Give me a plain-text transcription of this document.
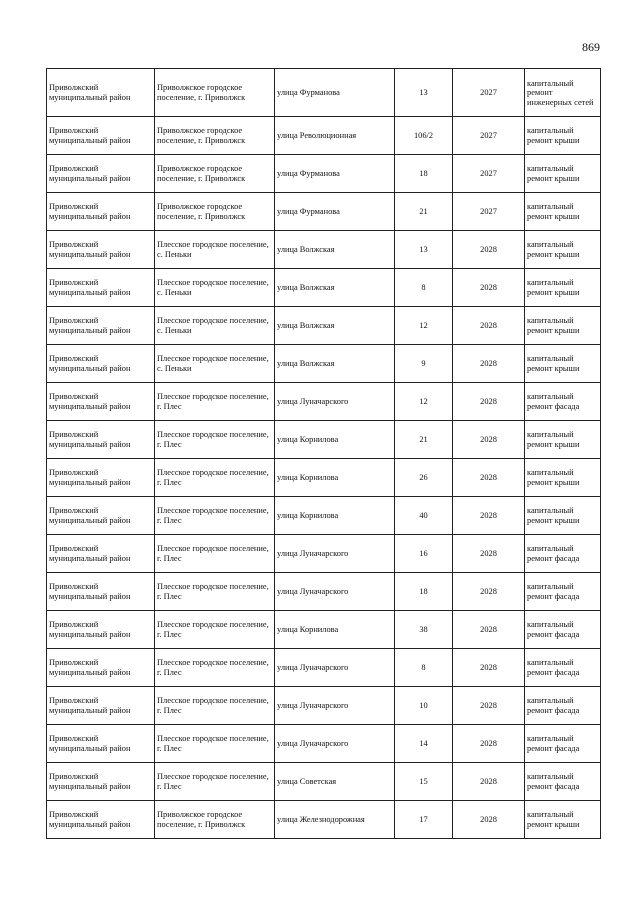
869
Приволжский муниципальный район	Приволжское городское поселение, г. Приволжск	улица Фурманова	13	2027	капитальный ремонт инженерных сетей
Приволжский муниципальный район	Приволжское городское поселение, г. Приволжск	улица Революционная	106/2	2027	капитальный ремонт крыши
Приволжский муниципальный район	Приволжское городское поселение, г. Приволжск	улица Фурманова	18	2027	капитальный ремонт крыши
Приволжский муниципальный район	Приволжское городское поселение, г. Приволжск	улица Фурманова	21	2027	капитальный ремонт крыши
Приволжский муниципальный район	Плесское городское поселение, с. Пеньки	улица Волжская	13	2028	капитальный ремонт крыши
Приволжский муниципальный район	Плесское городское поселение, с. Пеньки	улица Волжская	8	2028	капитальный ремонт крыши
Приволжский муниципальный район	Плесское городское поселение, с. Пеньки	улица Волжская	12	2028	капитальный ремонт крыши
Приволжский муниципальный район	Плесское городское поселение, с. Пеньки	улица Волжская	9	2028	капитальный ремонт крыши
Приволжский муниципальный район	Плесское городское поселение, г. Плес	улица Луначарского	12	2028	капитальный ремонт фасада
Приволжский муниципальный район	Плесское городское поселение, г. Плес	улица Корнилова	21	2028	капитальный ремонт крыши
Приволжский муниципальный район	Плесское городское поселение, г. Плес	улица Корнилова	26	2028	капитальный ремонт крыши
Приволжский муниципальный район	Плесское городское поселение, г. Плес	улица Корнилова	40	2028	капитальный ремонт крыши
Приволжский муниципальный район	Плесское городское поселение, г. Плес	улица Луначарского	16	2028	капитальный ремонт фасада
Приволжский муниципальный район	Плесское городское поселение, г. Плес	улица Луначарского	18	2028	капитальный ремонт фасада
Приволжский муниципальный район	Плесское городское поселение, г. Плес	улица Корнилова	38	2028	капитальный ремонт фасада
Приволжский муниципальный район	Плесское городское поселение, г. Плес	улица Луначарского	8	2028	капитальный ремонт фасада
Приволжский муниципальный район	Плесское городское поселение, г. Плес	улица Луначарского	10	2028	капитальный ремонт фасада
Приволжский муниципальный район	Плесское городское поселение, г. Плес	улица Луначарского	14	2028	капитальный ремонт фасада
Приволжский муниципальный район	Плесское городское поселение, г. Плес	улица Советская	15	2028	капитальный ремонт фасада
Приволжский муниципальный район	Приволжское городское поселение, г. Приволжск	улица Железнодорожная	17	2028	капитальный ремонт крыши
